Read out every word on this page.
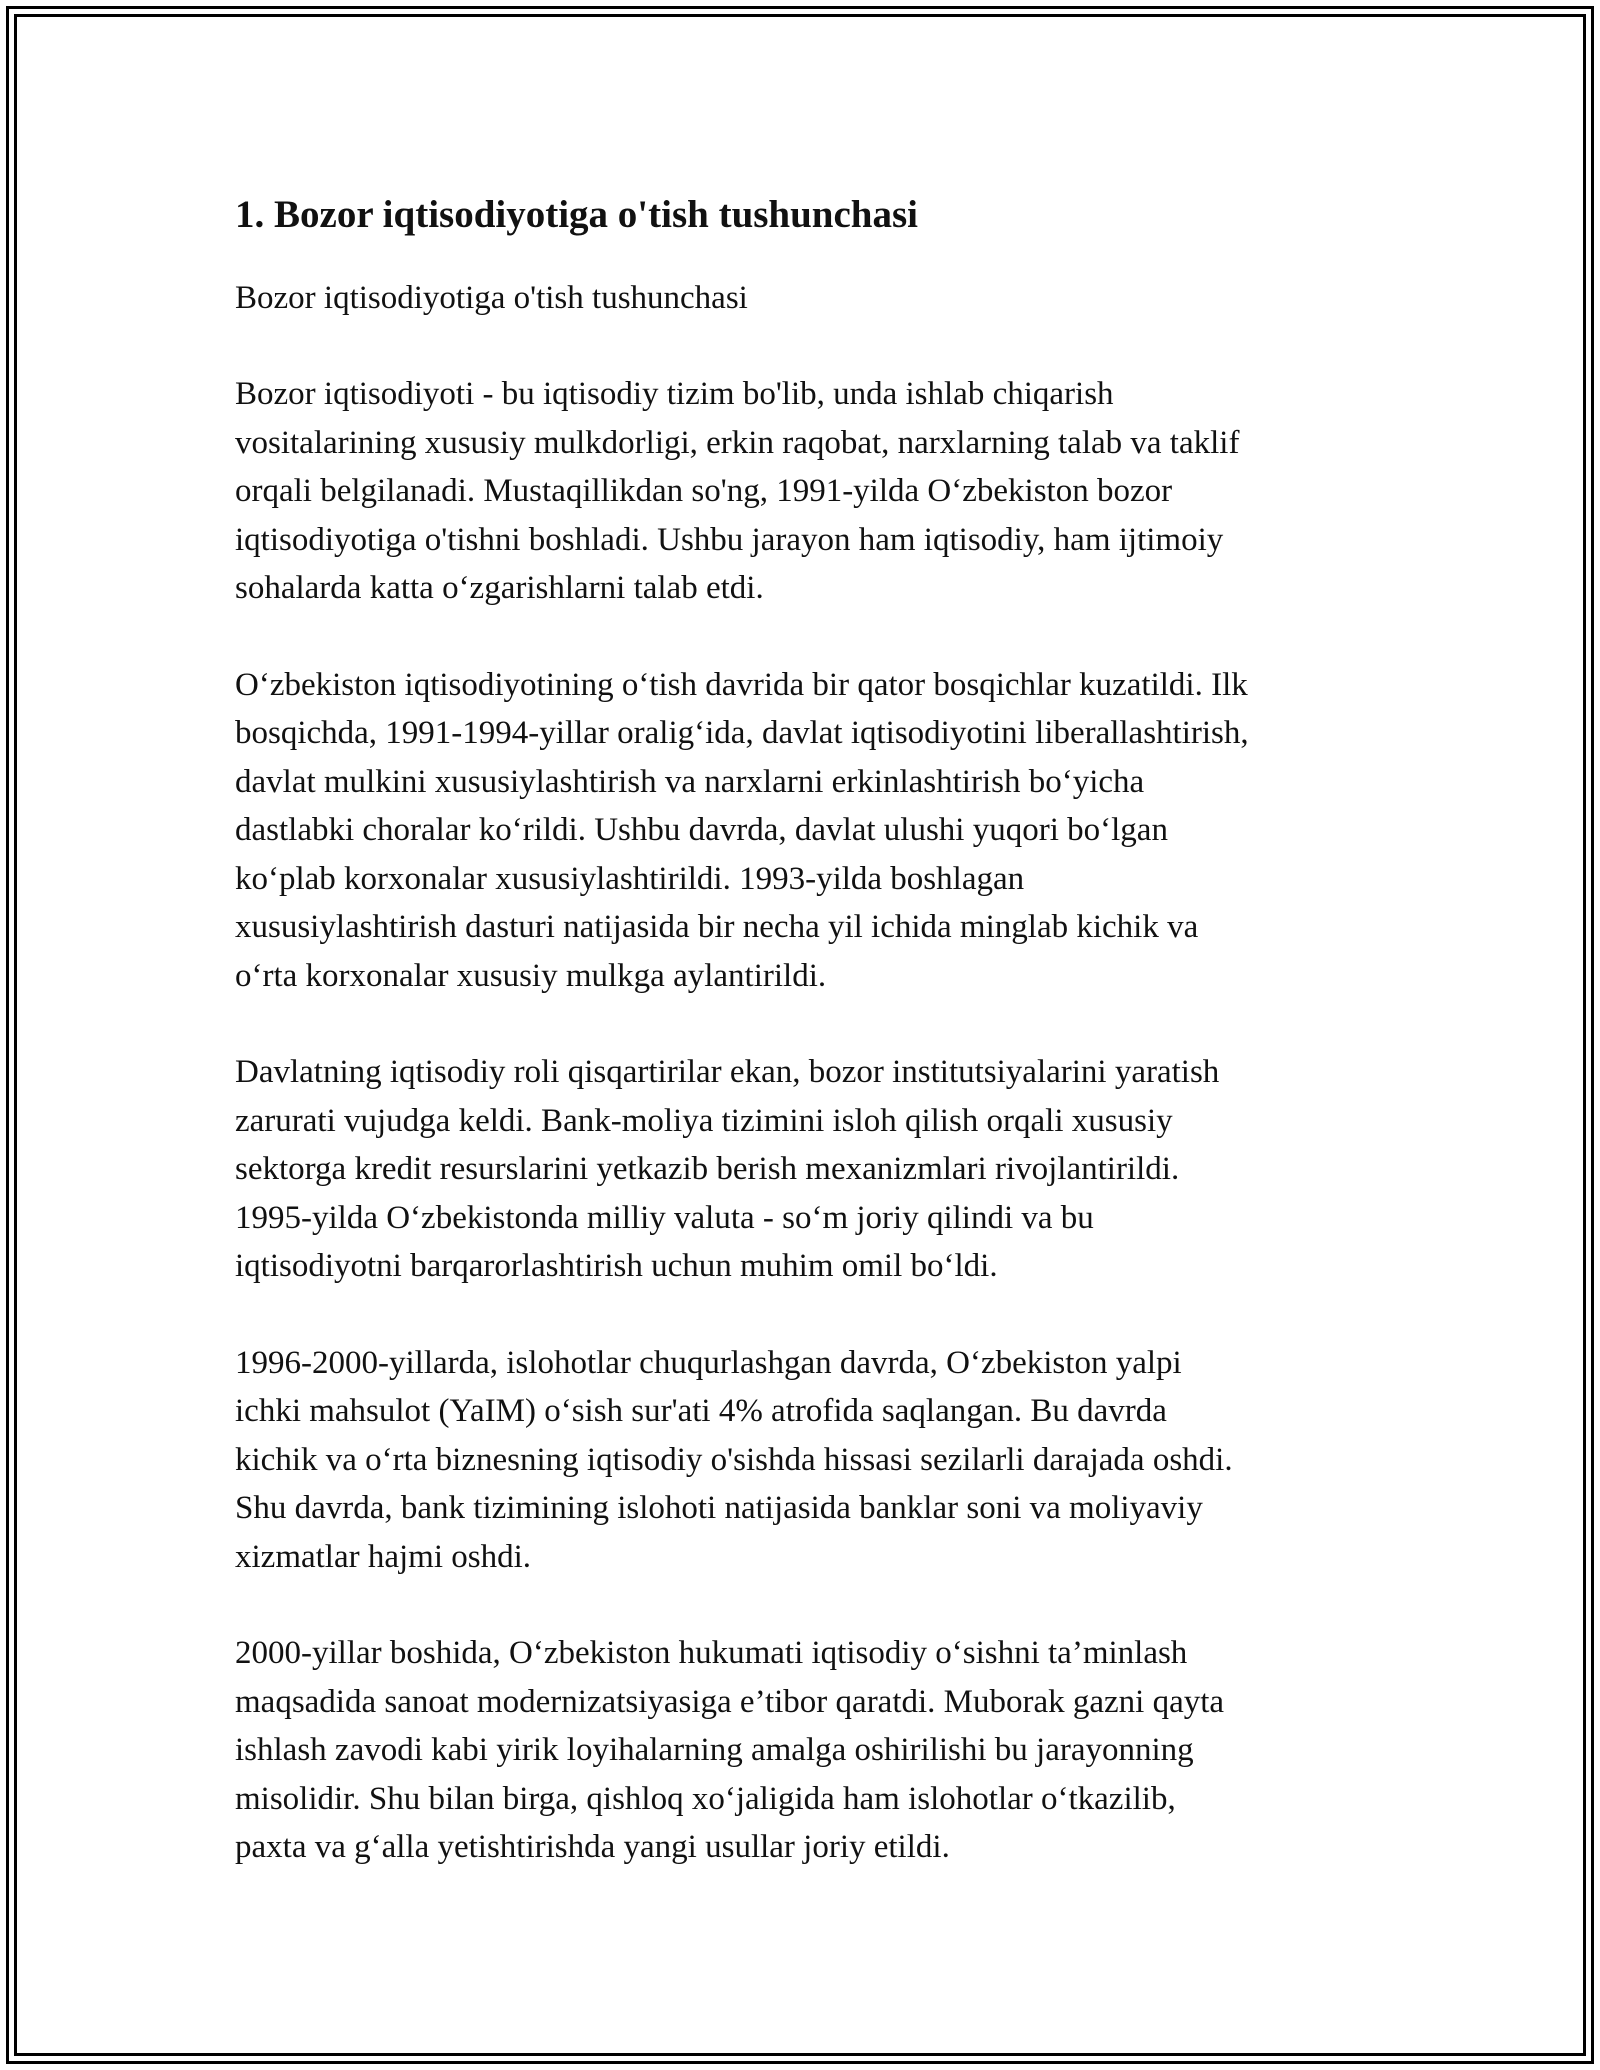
1. Bozor iqtisodiyotiga o'tish tushunchasi
Bozor iqtisodiyotiga o'tish tushunchasi

Bozor iqtisodiyoti - bu iqtisodiy tizim bo'lib, unda ishlab chiqarish
vositalarining xususiy mulkdorligi, erkin raqobat, narxlarning talab va taklif
orqali belgilanadi. Mustaqillikdan so'ng, 1991-yilda O‘zbekiston bozor
iqtisodiyotiga o'tishni boshladi. Ushbu jarayon ham iqtisodiy, ham ijtimoiy
sohalarda katta o‘zgarishlarni talab etdi.

O‘zbekiston iqtisodiyotining o‘tish davrida bir qator bosqichlar kuzatildi. Ilk
bosqichda, 1991-1994-yillar oralig‘ida, davlat iqtisodiyotini liberallashtirish,
davlat mulkini xususiylashtirish va narxlarni erkinlashtirish bo‘yicha
dastlabki choralar ko‘rildi. Ushbu davrda, davlat ulushi yuqori bo‘lgan
ko‘plab korxonalar xususiylashtirildi. 1993-yilda boshlagan
xususiylashtirish dasturi natijasida bir necha yil ichida minglab kichik va
o‘rta korxonalar xususiy mulkga aylantirildi.

Davlatning iqtisodiy roli qisqartirilar ekan, bozor institutsiyalarini yaratish
zarurati vujudga keldi. Bank-moliya tizimini isloh qilish orqali xususiy
sektorga kredit resurslarini yetkazib berish mexanizmlari rivojlantirildi.
1995-yilda O‘zbekistonda milliy valuta - so‘m joriy qilindi va bu
iqtisodiyotni barqarorlashtirish uchun muhim omil bo‘ldi.

1996-2000-yillarda, islohotlar chuqurlashgan davrda, O‘zbekiston yalpi
ichki mahsulot (YaIM) o‘sish sur'ati 4% atrofida saqlangan. Bu davrda
kichik va o‘rta biznesning iqtisodiy o'sishda hissasi sezilarli darajada oshdi.
Shu davrda, bank tizimining islohoti natijasida banklar soni va moliyaviy
xizmatlar hajmi oshdi.

2000-yillar boshida, O‘zbekiston hukumati iqtisodiy o‘sishni ta’minlash
maqsadida sanoat modernizatsiyasiga e’tibor qaratdi. Muborak gazni qayta
ishlash zavodi kabi yirik loyihalarning amalga oshirilishi bu jarayonning
misolidir. Shu bilan birga, qishloq xo‘jaligida ham islohotlar o‘tkazilib,
paxta va g‘alla yetishtirishda yangi usullar joriy etildi.
